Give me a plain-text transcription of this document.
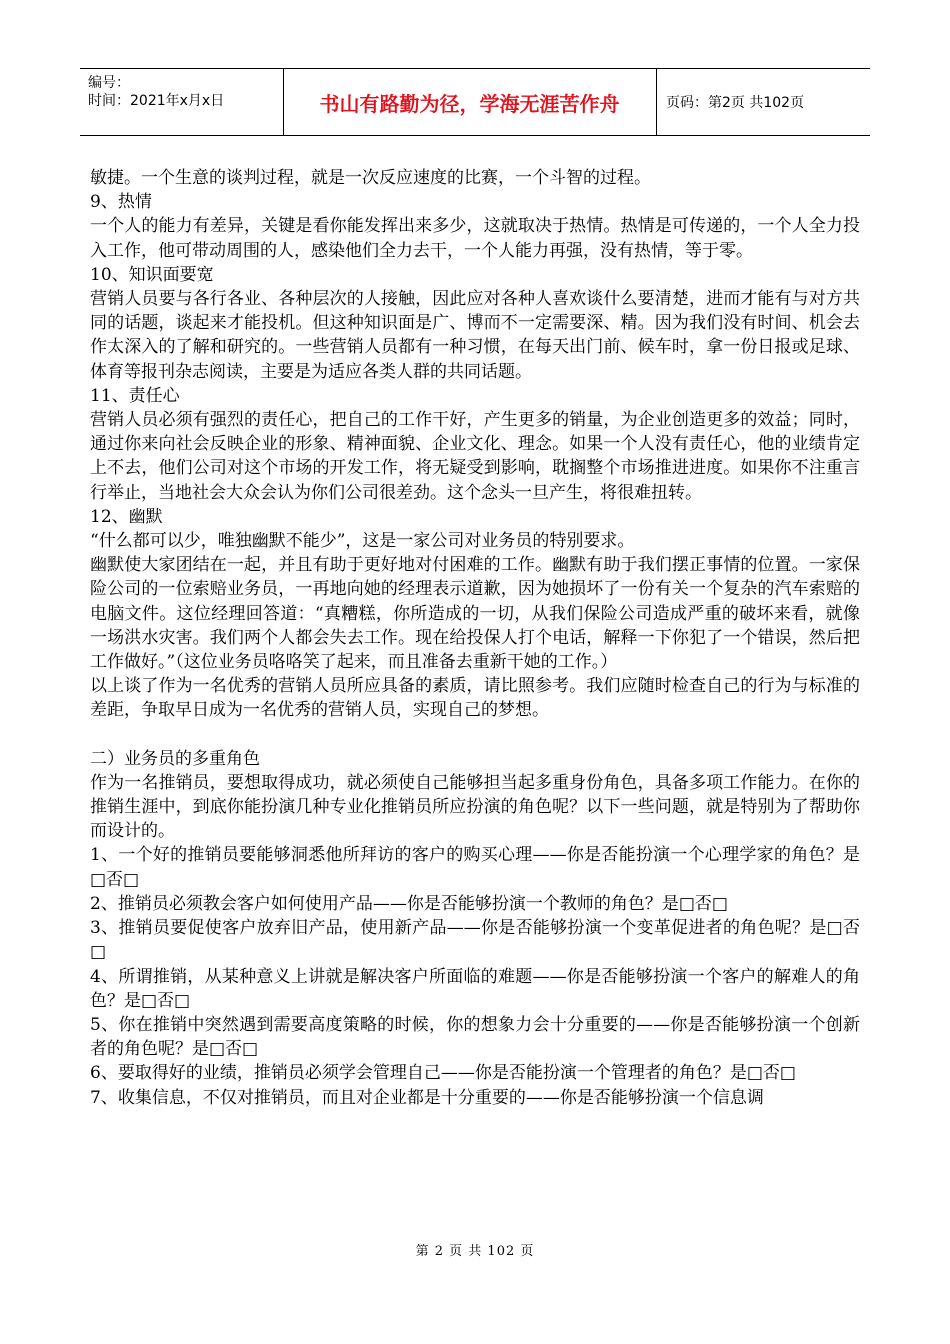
编号：
时间：2021年x月x日	书山有路勤为径，学海无涯苦作舟	页码：第2页 共102页

敏捷。一个生意的谈判过程，就是一次反应速度的比赛，一个斗智的过程。

9、热情

一个人的能力有差异，关键是看你能发挥出来多少，这就取决于热情。热情是可传递的，一个人全力投入工作，他可带动周围的人，感染他们全力去干，一个人能力再强，没有热情，等于零。

10、知识面要宽

营销人员要与各行各业、各种层次的人接触，因此应对各种人喜欢谈什么要清楚，进而才能有与对方共同的话题，谈起来才能投机。但这种知识面是广、博而不一定需要深、精。因为我们没有时间、机会去作太深入的了解和研究的。一些营销人员都有一种习惯，在每天出门前、候车时，拿一份日报或足球、体育等报刊杂志阅读，主要是为适应各类人群的共同话题。

11、责任心

营销人员必须有强烈的责任心，把自己的工作干好，产生更多的销量，为企业创造更多的效益；同时，通过你来向社会反映企业的形象、精神面貌、企业文化、理念。如果一个人没有责任心，他的业绩肯定上不去，他们公司对这个市场的开发工作，将无疑受到影响，耽搁整个市场推进进度。如果你不注重言行举止，当地社会大众会认为你们公司很差劲。这个念头一旦产生，将很难扭转。

12、幽默

“什么都可以少，唯独幽默不能少”，这是一家公司对业务员的特别要求。

幽默使大家团结在一起，并且有助于更好地对付困难的工作。幽默有助于我们摆正事情的位置。一家保险公司的一位索赔业务员，一再地向她的经理表示道歉，因为她损坏了一份有关一个复杂的汽车索赔的电脑文件。这位经理回答道：“真糟糕，你所造成的一切，从我们保险公司造成严重的破坏来看，就像一场洪水灾害。我们两个人都会失去工作。现在给投保人打个电话，解释一下你犯了一个错误，然后把工作做好。”（这位业务员咯咯笑了起来，而且准备去重新干她的工作。）

以上谈了作为一名优秀的营销人员所应具备的素质，请比照参考。我们应随时检查自己的行为与标准的差距，争取早日成为一名优秀的营销人员，实现自己的梦想。

二）业务员的多重角色

作为一名推销员，要想取得成功，就必须使自己能够担当起多重身份角色，具备多项工作能力。在你的推销生涯中，到底你能扮演几种专业化推销员所应扮演的角色呢？以下一些问题，就是特别为了帮助你而设计的。

1、一个好的推销员要能够洞悉他所拜访的客户的购买心理——你是否能扮演一个心理学家的角色？是□否□

2、推销员必须教会客户如何使用产品——你是否能够扮演一个教师的角色？是□否□

3、推销员要促使客户放弃旧产品，使用新产品——你是否能够扮演一个变革促进者的角色呢？是□否□

4、所谓推销，从某种意义上讲就是解决客户所面临的难题——你是否能够扮演一个客户的解难人的角色？是□否□

5、你在推销中突然遇到需要高度策略的时候，你的想象力会十分重要的——你是否能够扮演一个创新者的角色呢？是□否□

6、要取得好的业绩，推销员必须学会管理自己——你是否能扮演一个管理者的角色？是□否□

7、收集信息，不仅对推销员，而且对企业都是十分重要的——你是否能够扮演一个信息调

第 2 页 共 102 页
